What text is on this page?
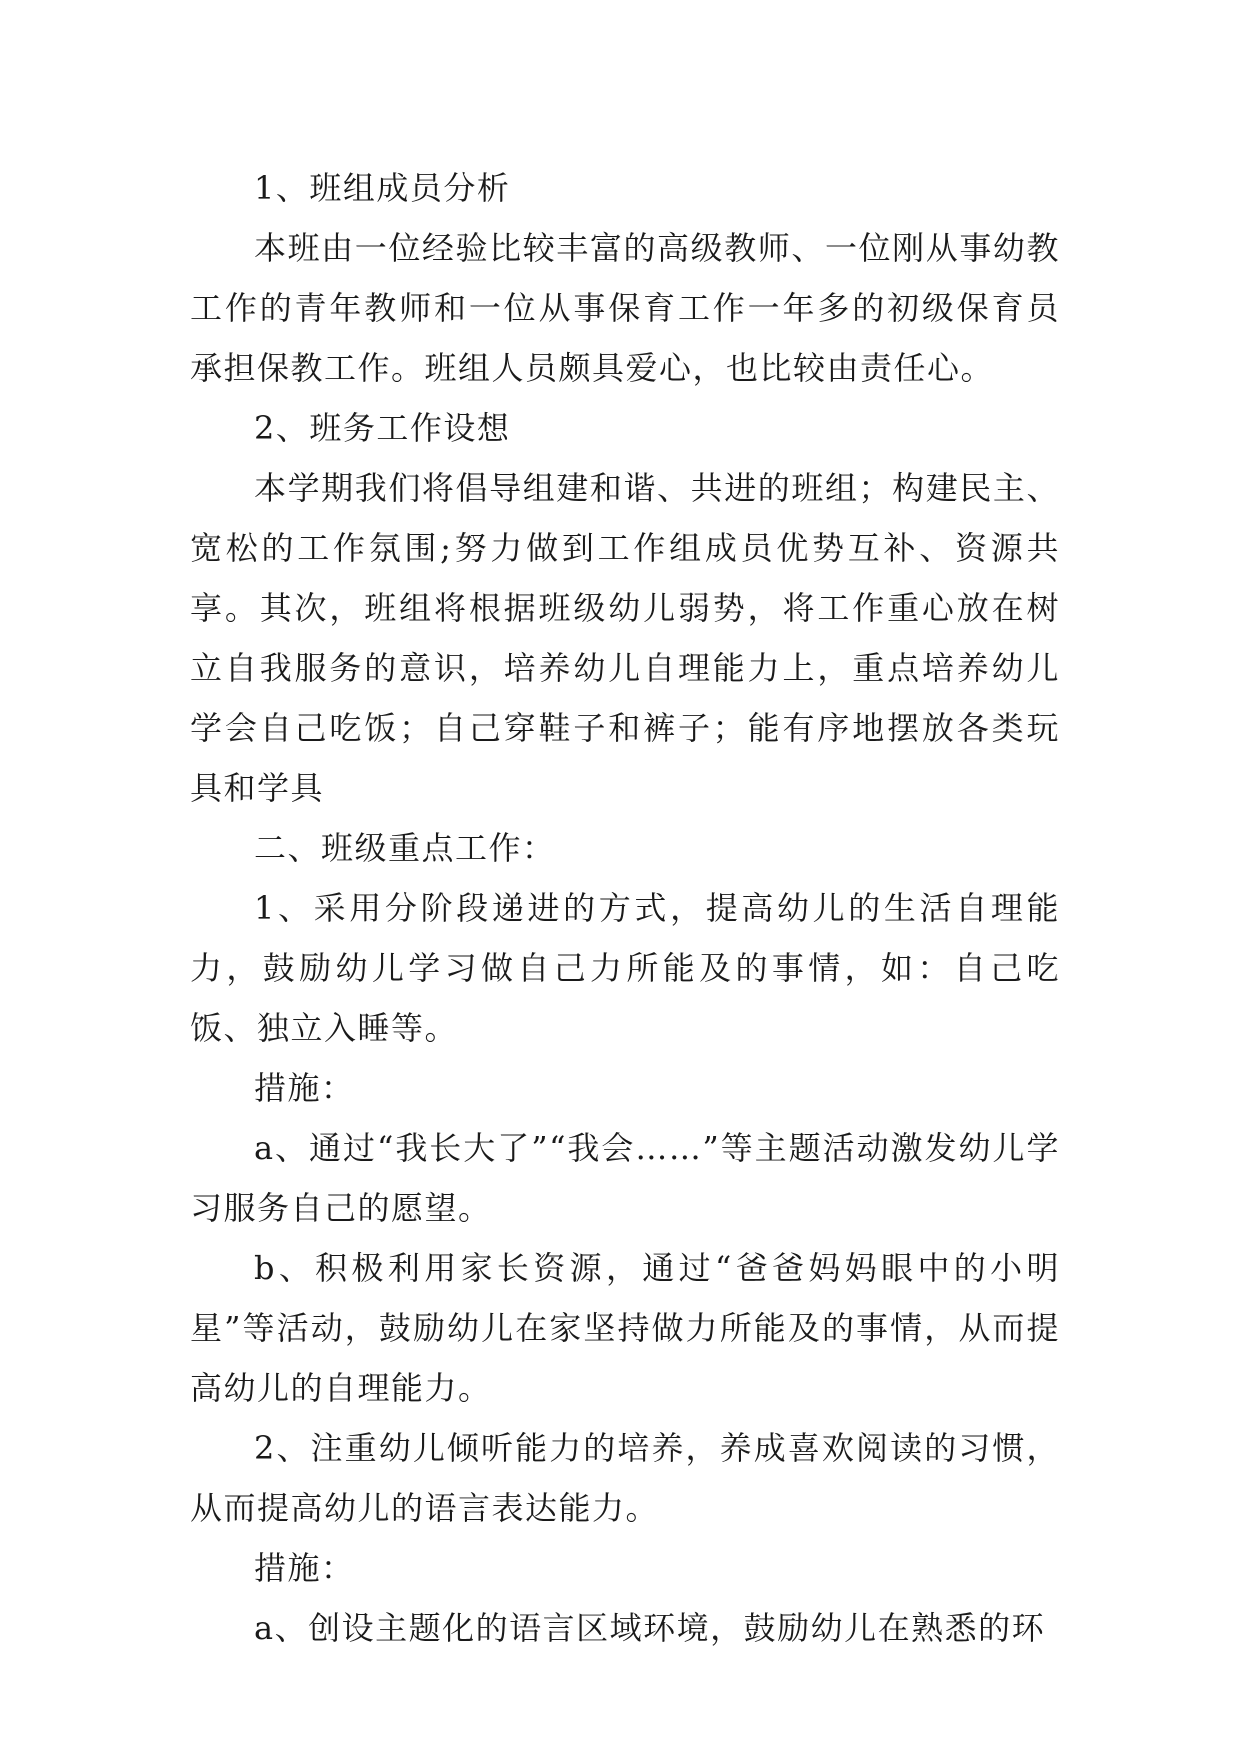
1、班组成员分析

本班由一位经验比较丰富的高级教师、一位刚从事幼教工作的青年教师和一位从事保育工作一年多的初级保育员承担保教工作。班组人员颇具爱心，也比较由责任心。

2、班务工作设想

本学期我们将倡导组建和谐、共进的班组；构建民主、宽松的工作氛围;努力做到工作组成员优势互补、资源共享。其次，班组将根据班级幼儿弱势，将工作重心放在树立自我服务的意识，培养幼儿自理能力上，重点培养幼儿学会自己吃饭；自己穿鞋子和裤子；能有序地摆放各类玩具和学具

二、班级重点工作：

1、采用分阶段递进的方式，提高幼儿的生活自理能力，鼓励幼儿学习做自己力所能及的事情，如：自己吃饭、独立入睡等。

措施：

a、通过“我长大了”“我会……”等主题活动激发幼儿学习服务自己的愿望。

b、积极利用家长资源，通过“爸爸妈妈眼中的小明星”等活动，鼓励幼儿在家坚持做力所能及的事情，从而提高幼儿的自理能力。

2、注重幼儿倾听能力的培养，养成喜欢阅读的习惯，从而提高幼儿的语言表达能力。

措施：

a、创设主题化的语言区域环境，鼓励幼儿在熟悉的环
